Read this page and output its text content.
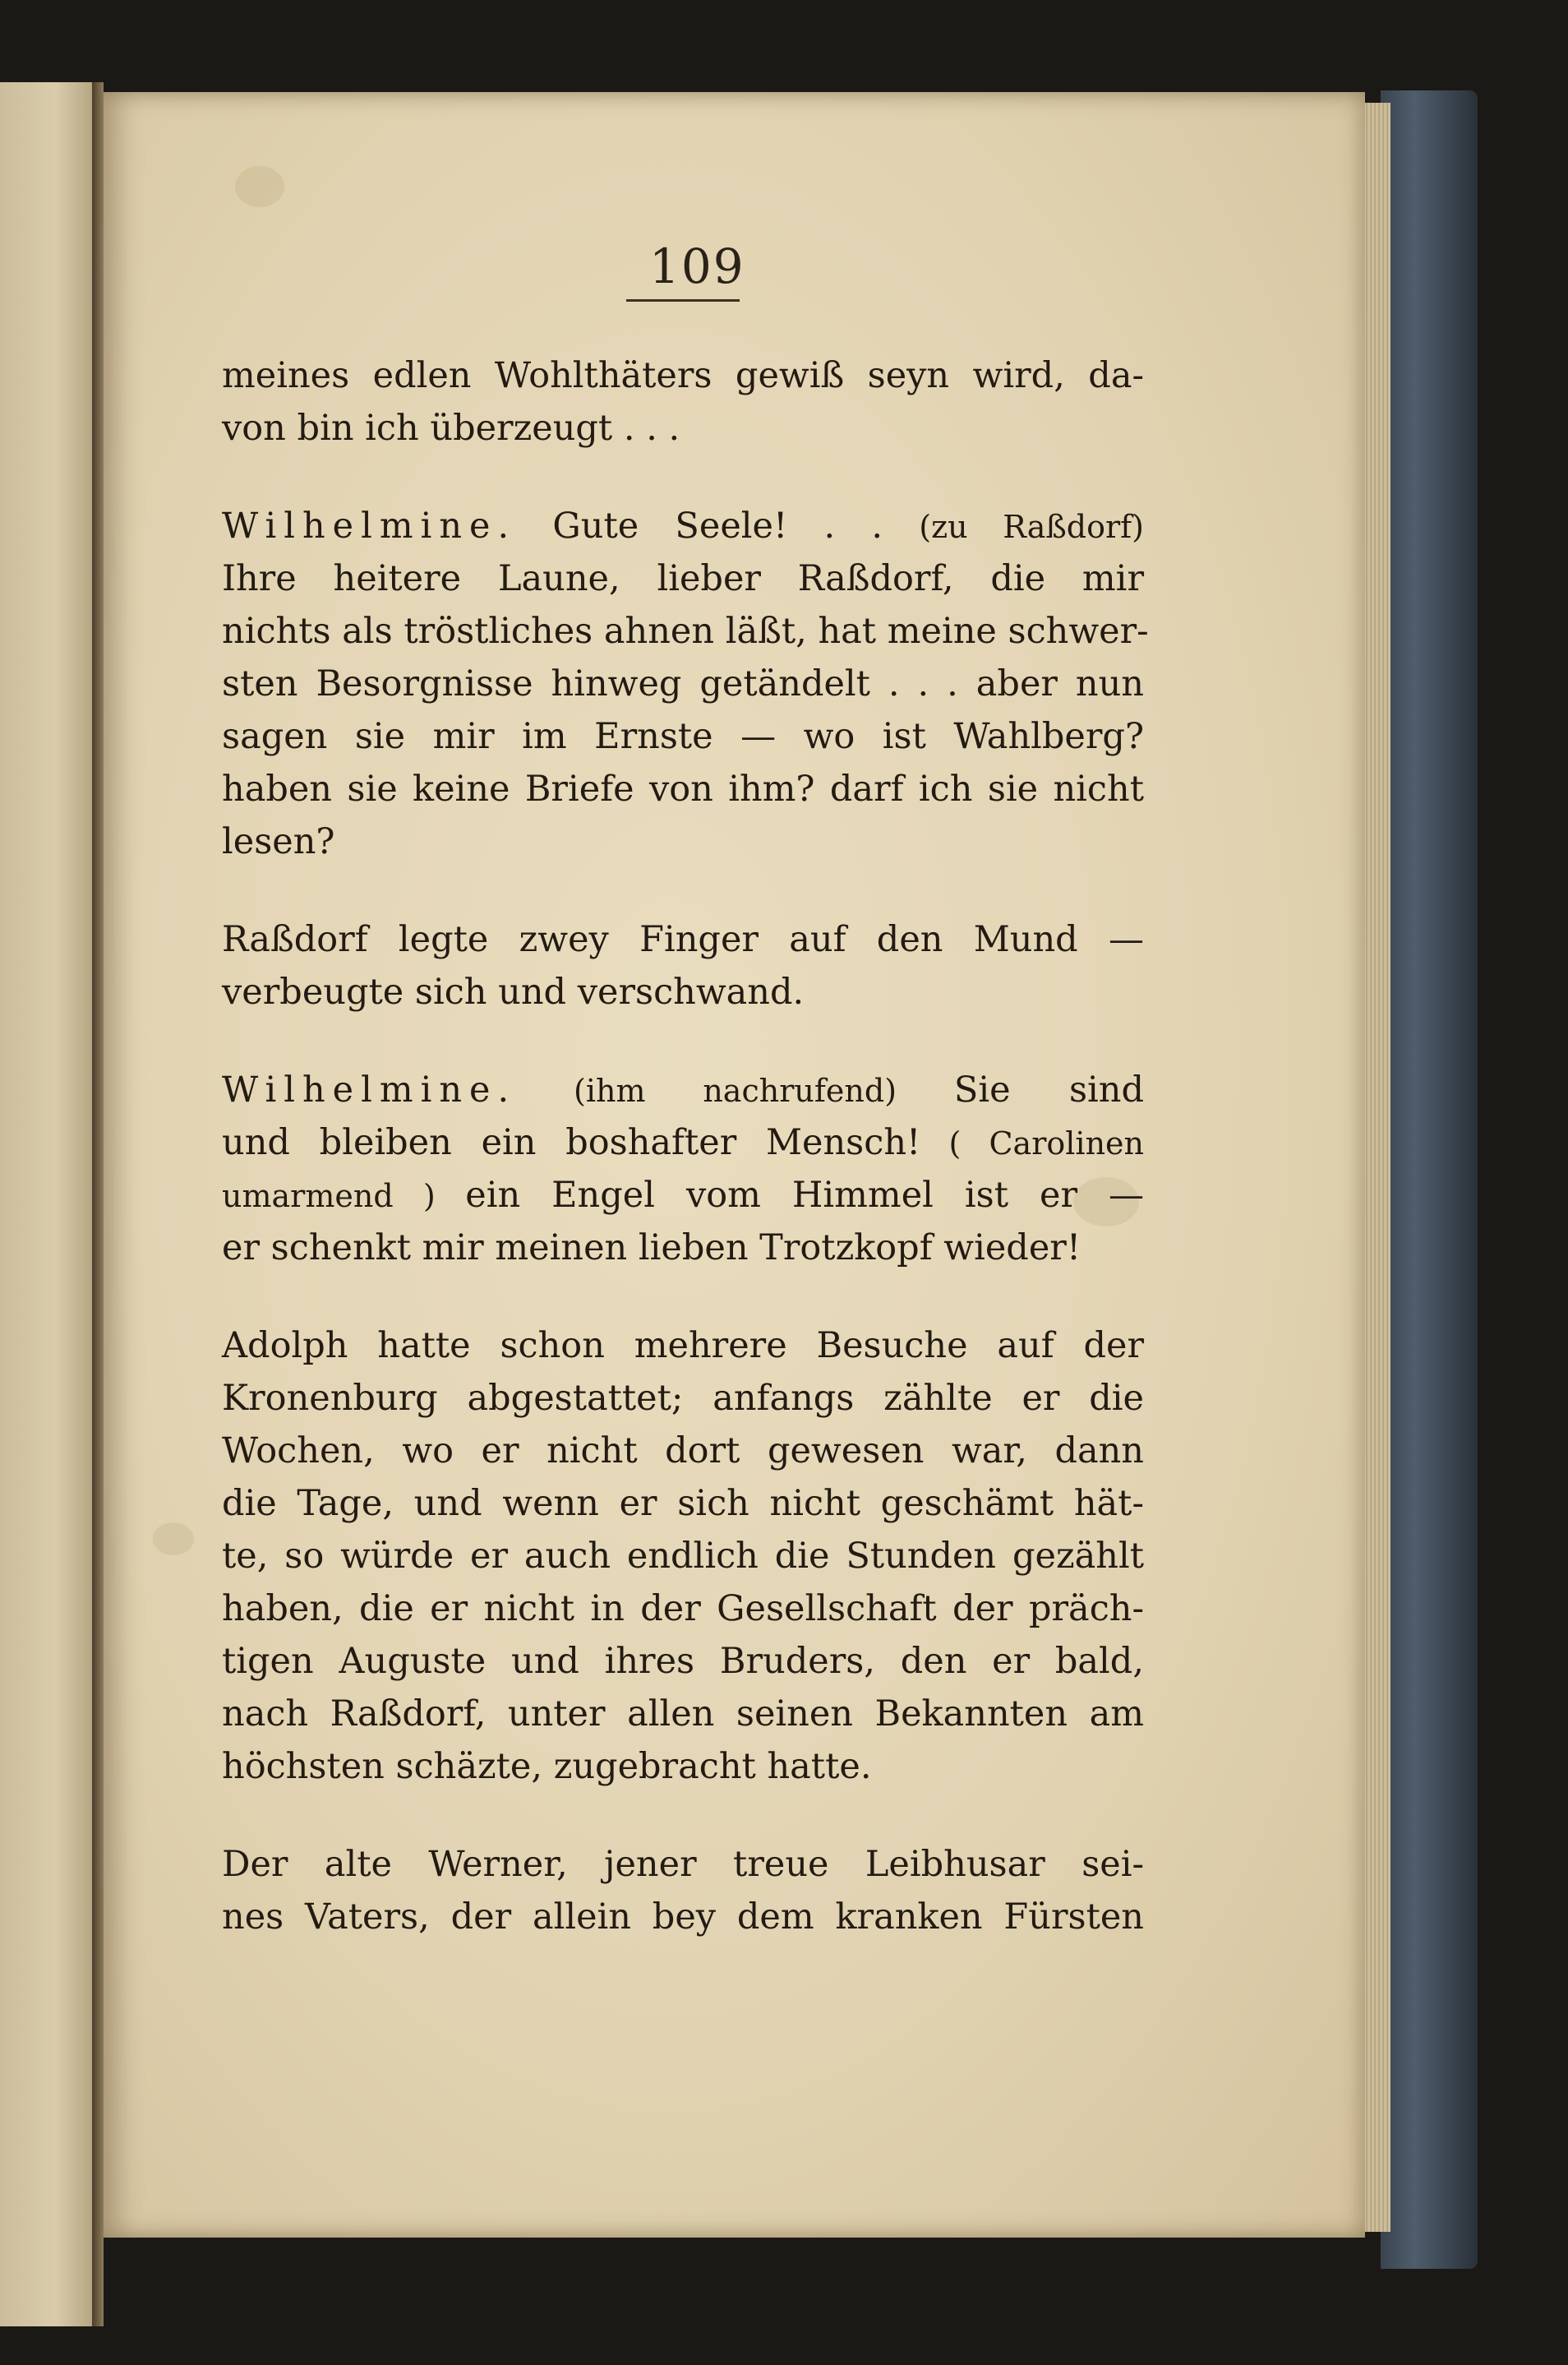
109
meines edlen Wohlthäters gewiß seyn wird, da-
von bin ich überzeugt . . .
Wilhelmine. Gute Seele! . . (zu Raßdorf)
Ihre heitere Laune, lieber Raßdorf, die mir
nichts als tröstliches ahnen läßt, hat meine schwer-
sten Besorgnisse hinweg getändelt . . . aber nun
sagen sie mir im Ernste — wo ist Wahlberg?
haben sie keine Briefe von ihm? darf ich sie nicht
lesen?
Raßdorf legte zwey Finger auf den Mund —
verbeugte sich und verschwand.
Wilhelmine. (ihm nachrufend) Sie sind
und bleiben ein boshafter Mensch! ( Carolinen
umarmend ) ein Engel vom Himmel ist er —
er schenkt mir meinen lieben Trotzkopf wieder!
Adolph hatte schon mehrere Besuche auf der
Kronenburg abgestattet; anfangs zählte er die
Wochen, wo er nicht dort gewesen war, dann
die Tage, und wenn er sich nicht geschämt hät-
te, so würde er auch endlich die Stunden gezählt
haben, die er nicht in der Gesellschaft der präch-
tigen Auguste und ihres Bruders, den er bald,
nach Raßdorf, unter allen seinen Bekannten am
höchsten schäzte, zugebracht hatte.
Der alte Werner, jener treue Leibhusar sei-
nes Vaters, der allein bey dem kranken Fürsten
